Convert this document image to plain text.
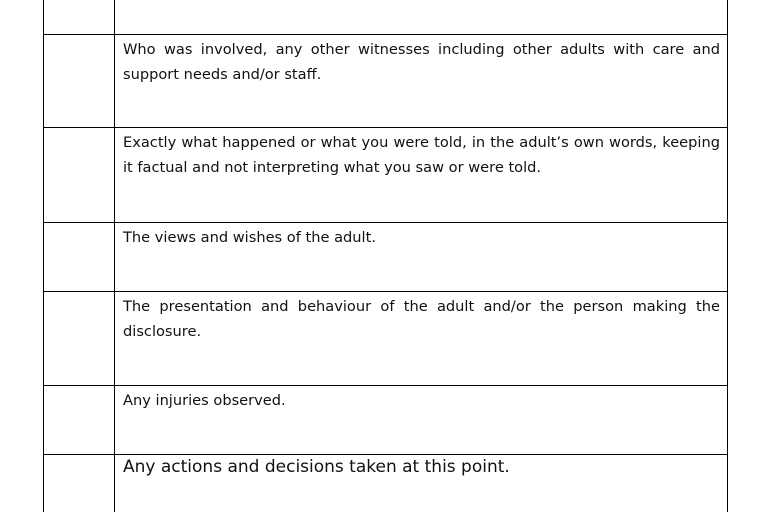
	Who was involved, any other witnesses including other adults with care and support needs and/or staff.
	Exactly what happened or what you were told, in the adult’s own words, keeping it factual and not interpreting what you saw or were told.
	The views and wishes of the adult.
	The presentation and behaviour of the adult and/or the person making the disclosure.
	Any injuries observed.
	Any actions and decisions taken at this point.
